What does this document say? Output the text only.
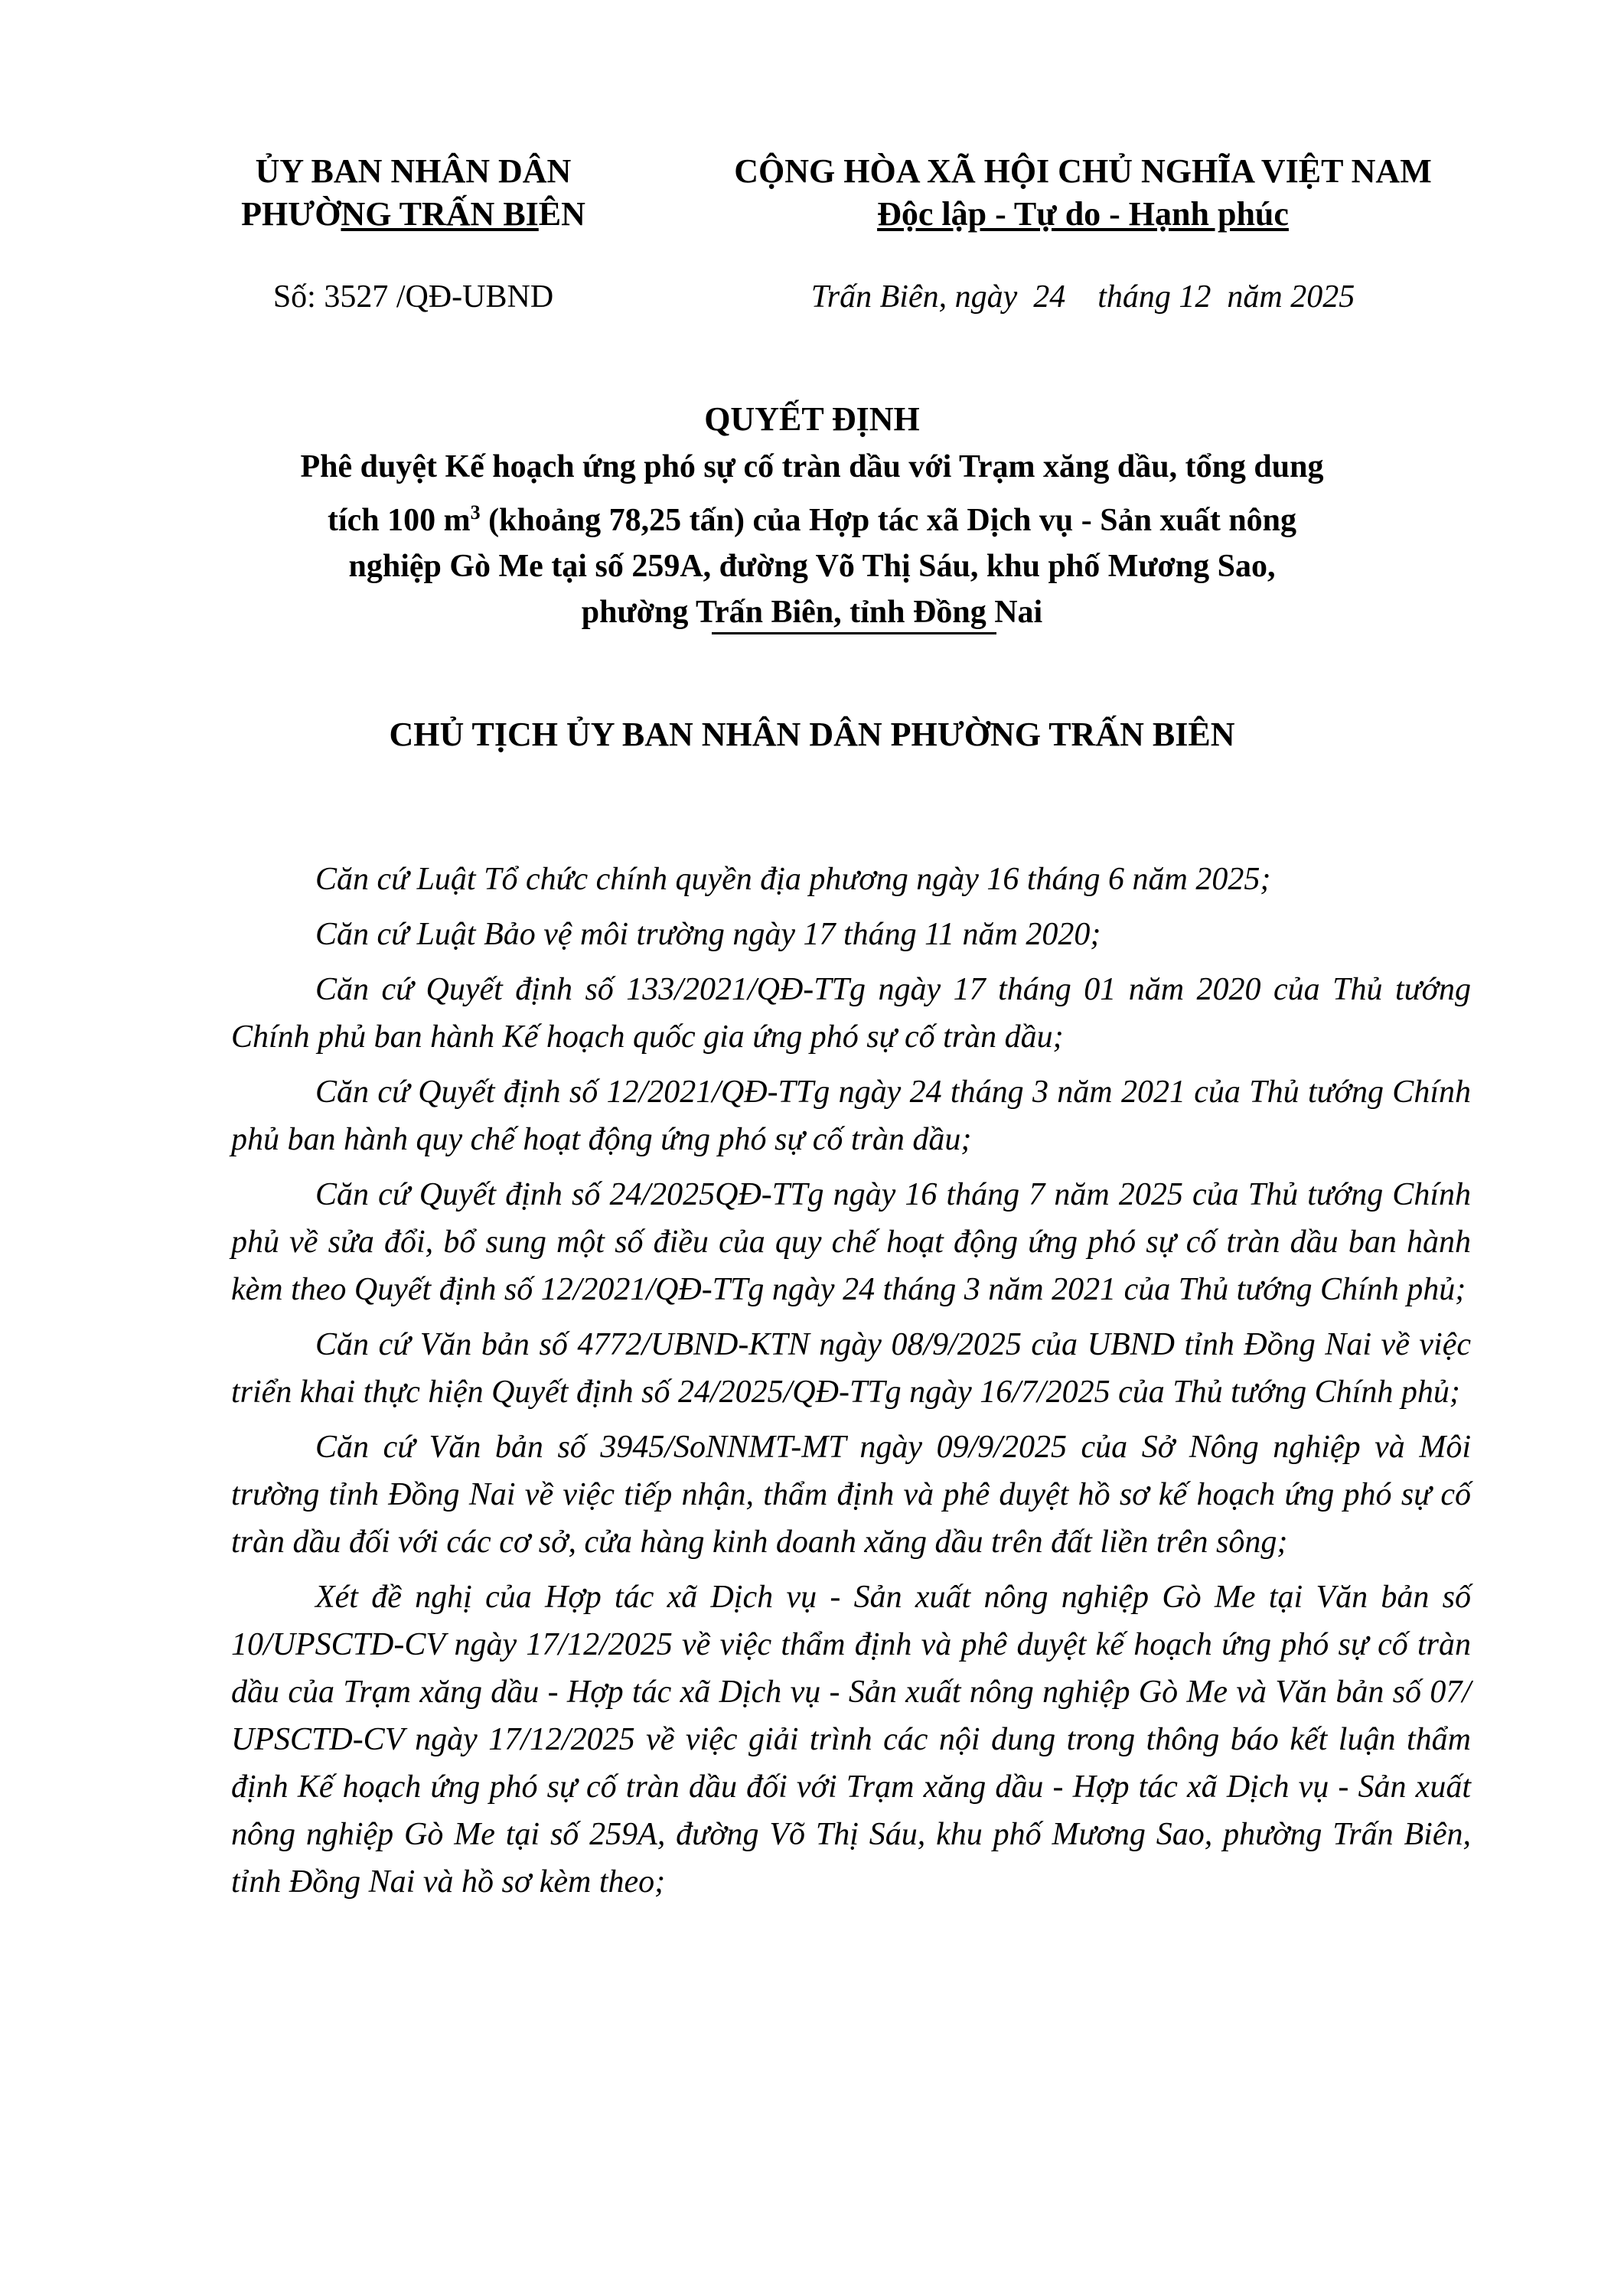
ỦY BAN NHÂN DÂN
PHƯỜNG TRẤN BIÊN
CỘNG HÒA XÃ HỘI CHỦ NGHĨA VIỆT NAM
Độc lập - Tự do - Hạnh phúc
Số: 3527 /QĐ-UBND	Trấn Biên, ngày 24 tháng 12 năm 2025
QUYẾT ĐỊNH
Phê duyệt Kế hoạch ứng phó sự cố tràn dầu với Trạm xăng dầu, tổng dung
tích 100 $m^3$ (khoảng 78,25 tấn) của Hợp tác xã Dịch vụ - Sản xuất nông
nghiệp Gò Me tại số 259A, đường Võ Thị Sáu, khu phố Mương Sao,
phường Trấn Biên, tỉnh Đồng Nai
CHỦ TỊCH ỦY BAN NHÂN DÂN PHƯỜNG TRẤN BIÊN

Căn cứ Luật Tổ chức chính quyền địa phương ngày 16 tháng 6 năm 2025;

Căn cứ Luật Bảo vệ môi trường ngày 17 tháng 11 năm 2020;

Căn cứ Quyết định số 133/2021/QĐ-TTg ngày 17 tháng 01 năm 2020 của Thủ tướng Chính phủ ban hành Kế hoạch quốc gia ứng phó sự cố tràn dầu;

Căn cứ Quyết định số 12/2021/QĐ-TTg ngày 24 tháng 3 năm 2021 của Thủ tướng Chính phủ ban hành quy chế hoạt động ứng phó sự cố tràn dầu;

Căn cứ Quyết định số 24/2025QĐ-TTg ngày 16 tháng 7 năm 2025 của Thủ tướng Chính phủ về sửa đổi, bổ sung một số điều của quy chế hoạt động ứng phó sự cố tràn dầu ban hành kèm theo Quyết định số 12/2021/QĐ-TTg ngày 24 tháng 3 năm 2021 của Thủ tướng Chính phủ;

Căn cứ Văn bản số 4772/UBND-KTN ngày 08/9/2025 của UBND tỉnh Đồng Nai về việc triển khai thực hiện Quyết định số 24/2025/QĐ-TTg ngày 16/7/2025 của Thủ tướng Chính phủ;

Căn cứ Văn bản số 3945/SoNNMT-MT ngày 09/9/2025 của Sở Nông nghiệp và Môi trường tỉnh Đồng Nai về việc tiếp nhận, thẩm định và phê duyệt hồ sơ kế hoạch ứng phó sự cố tràn dầu đối với các cơ sở, cửa hàng kinh doanh xăng dầu trên đất liền trên sông;

Xét đề nghị của Hợp tác xã Dịch vụ - Sản xuất nông nghiệp Gò Me tại Văn bản số 10/UPSCTD-CV ngày 17/12/2025 về việc thẩm định và phê duyệt kế hoạch ứng phó sự cố tràn dầu của Trạm xăng dầu - Hợp tác xã Dịch vụ - Sản xuất nông nghiệp Gò Me và Văn bản số 07/ UPSCTD-CV ngày 17/12/2025 về việc giải trình các nội dung trong thông báo kết luận thẩm định Kế hoạch ứng phó sự cố tràn dầu đối với Trạm xăng dầu - Hợp tác xã Dịch vụ - Sản xuất nông nghiệp Gò Me tại số 259A, đường Võ Thị Sáu, khu phố Mương Sao, phường Trấn Biên, tỉnh Đồng Nai và hồ sơ kèm theo;
